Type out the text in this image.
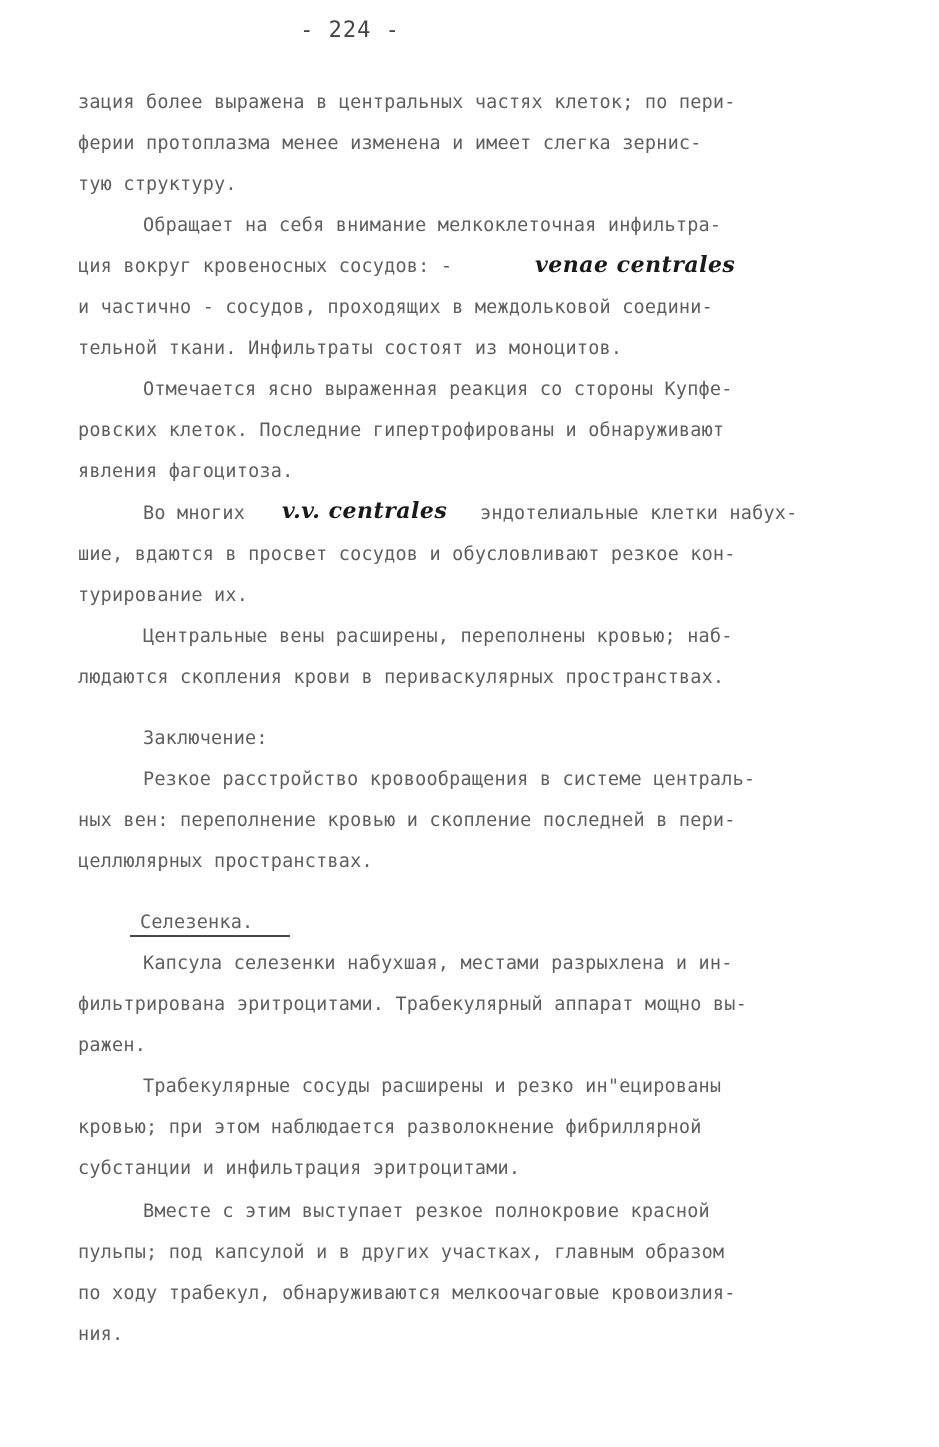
- 224 -
зация более выражена в центральных частях клеток; по пери-
ферии протоплазма менее изменена и имеет слегка зернис-
тую структуру.
Обращает на себя внимание мелкоклеточная инфильтра-
ция вокруг кровеносных сосудов: -	venae centrales
и частично - сосудов, проходящих в междольковой соедини-
тельной ткани. Инфильтраты состоят из моноцитов.
Отмечается ясно выраженная реакция со стороны Купфе-
ровских клеток. Последние гипертрофированы и обнаруживают
явления фагоцитоза.
Во многих v.v. centrales эндотелиальные клетки набух-
шие, вдаются в просвет сосудов и обусловливают резкое кон-
турирование их.
Центральные вены расширены, переполнены кровью; наб-
людаются скопления крови в периваскулярных пространствах.
Заключение:
Резкое расстройство кровообращения в системе централь-
ных вен: переполнение кровью и скопление последней в пери-
целлюлярных пространствах.
Селезенка.
Капсула селезенки набухшая, местами разрыхлена и ин-
фильтрирована эритроцитами. Трабекулярный аппарат мощно вы-
ражен.
Трабекулярные сосуды расширены и резко ин"ецированы
кровью; при этом наблюдается разволокнение фибриллярной
субстанции и инфильтрация эритроцитами.
Вместе с этим выступает резкое полнокровие красной
пульпы; под капсулой и в других участках, главным образом
по ходу трабекул, обнаруживаются мелкоочаговые кровоизлия-
ния.
